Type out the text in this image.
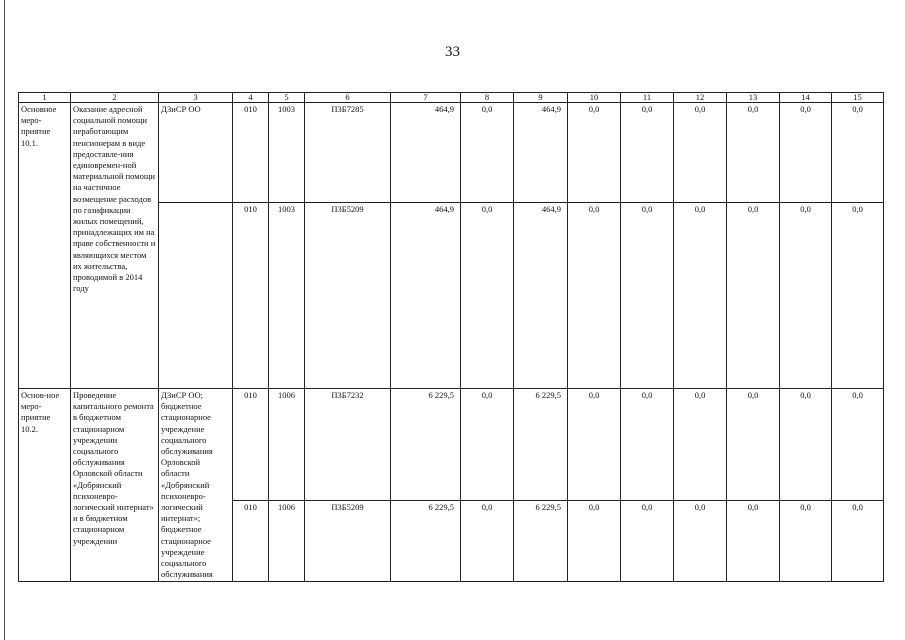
33
1	2	3	4	5	6	7	8	9	10	11	12	13	14	15
Основное меро-приятие 10.1.	Оказание адресной социальной помощи неработающим пенсионерам в виде предоставле-ния единовремен-ной материальной помощи на частичное возмещение расходов по газификации жилых помещений, принадлежащих им на праве собственности и являющихся местом их жительства, проводимой в 2014 году	ДЗиСР ОО	010	1003	П3Б7285	464,9	0,0	464,9	0,0	0,0	0,0	0,0	0,0	0,0
			010	1003	П3Б5209	464,9	0,0	464,9	0,0	0,0	0,0	0,0	0,0	0,0
Основ-ное меро-приятие 10.2.	Проведение капитального ремонта в бюджетном стационарном учреждении социального обслуживания Орловской области «Добрянский психоневро-логический интернат» и в бюджетном стационарном учреждении	ДЗиСР ОО; бюджетное стационарное учреждение социального обслуживания Орловской области «Добрянский психоневро-логический интернат»; бюджетное стационарное учреждение социального обслуживания	010	1006	П3Б7232	6 229,5	0,0	6 229,5	0,0	0,0	0,0	0,0	0,0	0,0
			010	1006	П3Б5209	6 229,5	0,0	6 229,5	0,0	0,0	0,0	0,0	0,0	0,0
